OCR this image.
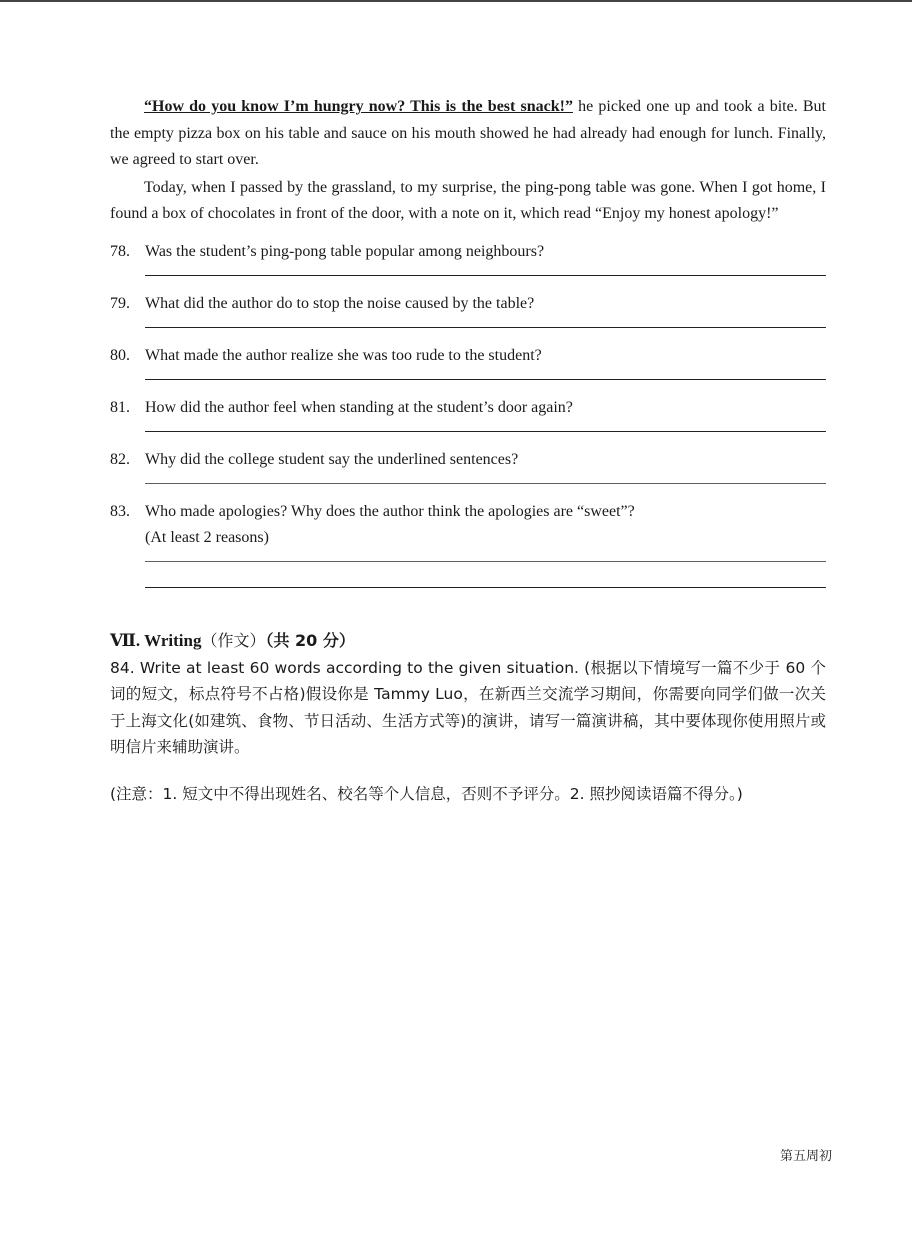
“How do you know I’m hungry now? This is the best snack!” he picked one up and took a bite. But the empty pizza box on his table and sauce on his mouth showed he had already had enough for lunch. Finally, we agreed to start over.

Today, when I passed by the grassland, to my surprise, the ping-pong table was gone. When I got home, I found a box of chocolates in front of the door, with a note on it, which read “Enjoy my honest apology!”

78. Was the student’s ping-pong table popular among neighbours?
79. What did the author do to stop the noise caused by the table?
80. What made the author realize she was too rude to the student?
81. How did the author feel when standing at the student’s door again?
82. Why did the college student say the underlined sentences?
83. Who made apologies? Why does the author think the apologies are “sweet”?
(At least 2 reasons)
Ⅶ. Writing（作文）（共 20 分）
84. Write at least 60 words according to the given situation. (根据以下情境写一篇不少于 60 个词的短文，标点符号不占格)假设你是 Tammy Luo，在新西兰交流学习期间，你需要向同学们做一次关于上海文化(如建筑、食物、节日活动、生活方式等)的演讲，请写一篇演讲稿，其中要体现你使用照片或明信片来辅助演讲。
(注意：1. 短文中不得出现姓名、校名等个人信息，否则不予评分。2. 照抄阅读语篇不得分。)
第五周初
